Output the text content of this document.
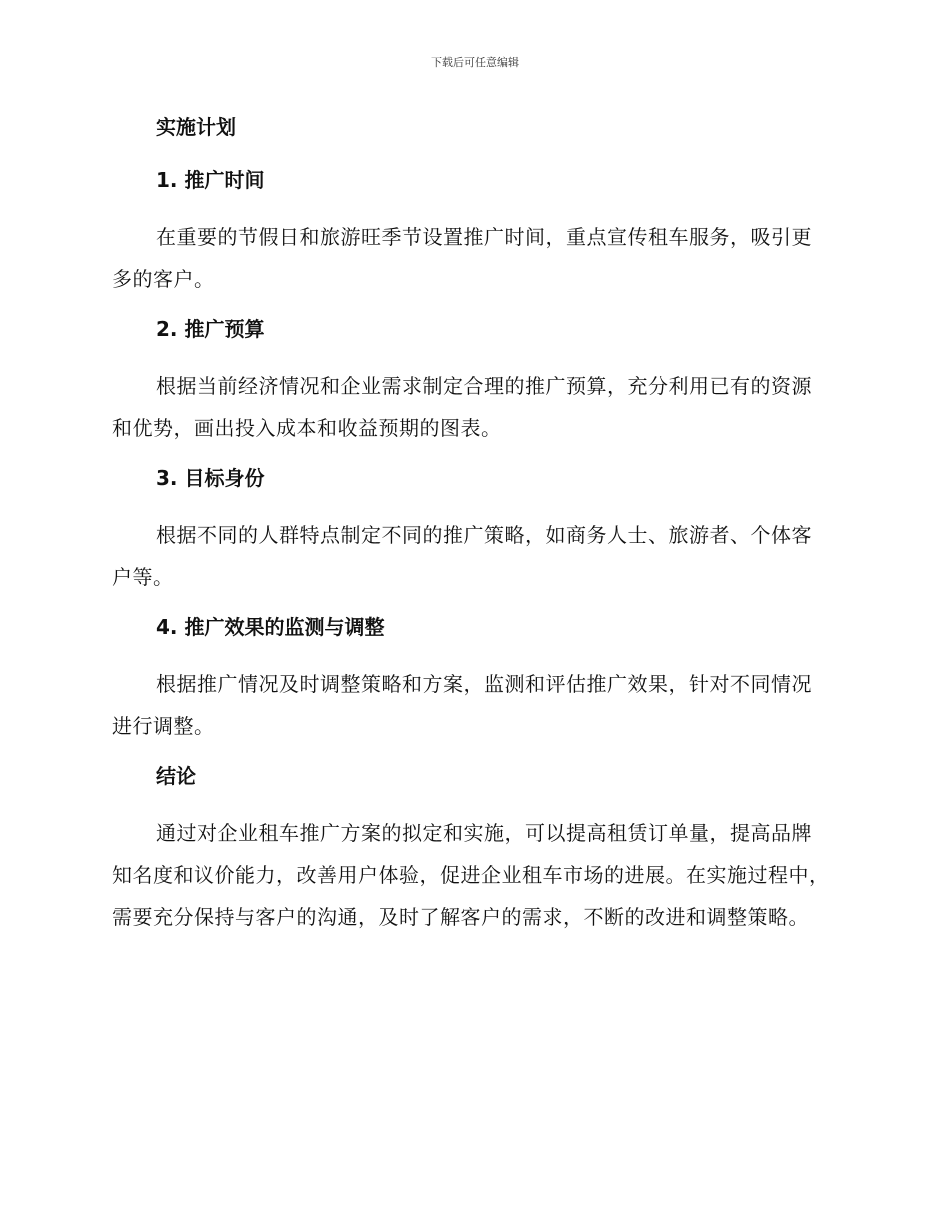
下载后可任意编辑
实施计划
1. 推广时间

在重要的节假日和旅游旺季节设置推广时间，重点宣传租车服务，吸引更多的客户。

2. 推广预算

根据当前经济情况和企业需求制定合理的推广预算，充分利用已有的资源和优势，画出投入成本和收益预期的图表。

3. 目标身份

根据不同的人群特点制定不同的推广策略，如商务人士、旅游者、个体客户等。

4. 推广效果的监测与调整

根据推广情况及时调整策略和方案，监测和评估推广效果，针对不同情况进行调整。

结论

通过对企业租车推广方案的拟定和实施，可以提高租赁订单量，提高品牌知名度和议价能力，改善用户体验，促进企业租车市场的进展。在实施过程中，需要充分保持与客户的沟通，及时了解客户的需求，不断的改进和调整策略。
